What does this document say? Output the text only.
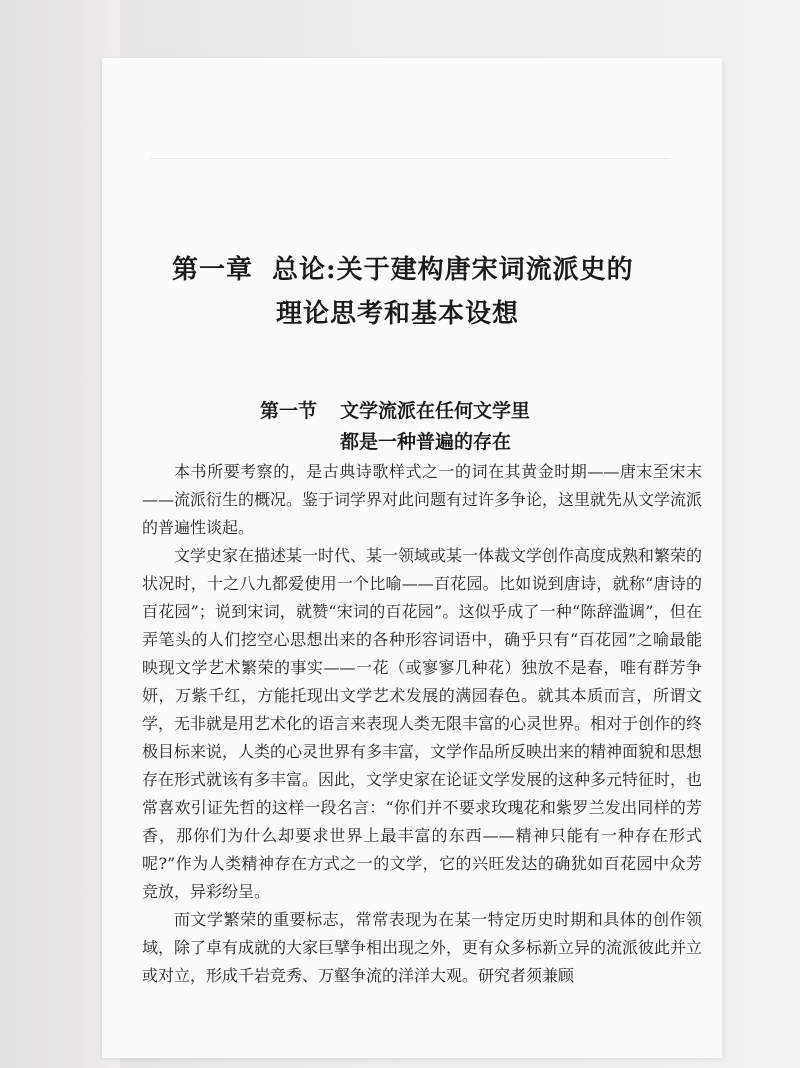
第一章 总论:关于建构唐宋词流派史的
理论思考和基本设想
第一节 文学流派在任何文学里
都是一种普遍的存在

本书所要考察的，是古典诗歌样式之一的词在其黄金时期——唐末至宋末——流派衍生的概况。鉴于词学界对此问题有过许多争论，这里就先从文学流派的普遍性谈起。

文学史家在描述某一时代、某一领域或某一体裁文学创作高度成熟和繁荣的状况时，十之八九都爱使用一个比喻——百花园。比如说到唐诗，就称“唐诗的百花园”；说到宋词，就赞“宋词的百花园”。这似乎成了一种“陈辞滥调”，但在弄笔头的人们挖空心思想出来的各种形容词语中，确乎只有“百花园”之喻最能映现文学艺术繁荣的事实——一花（或寥寥几种花）独放不是春，唯有群芳争妍，万紫千红，方能托现出文学艺术发展的满园春色。就其本质而言，所谓文学，无非就是用艺术化的语言来表现人类无限丰富的心灵世界。相对于创作的终极目标来说，人类的心灵世界有多丰富，文学作品所反映出来的精神面貌和思想存在形式就该有多丰富。因此，文学史家在论证文学发展的这种多元特征时，也常喜欢引证先哲的这样一段名言：“你们并不要求玫瑰花和紫罗兰发出同样的芳香，那你们为什么却要求世界上最丰富的东西——精神只能有一种存在形式呢?”作为人类精神存在方式之一的文学，它的兴旺发达的确犹如百花园中众芳竞放，异彩纷呈。

而文学繁荣的重要标志，常常表现为在某一特定历史时期和具体的创作领域，除了卓有成就的大家巨擘争相出现之外，更有众多标新立异的流派彼此并立或对立，形成千岩竞秀、万壑争流的洋洋大观。研究者须兼顾
